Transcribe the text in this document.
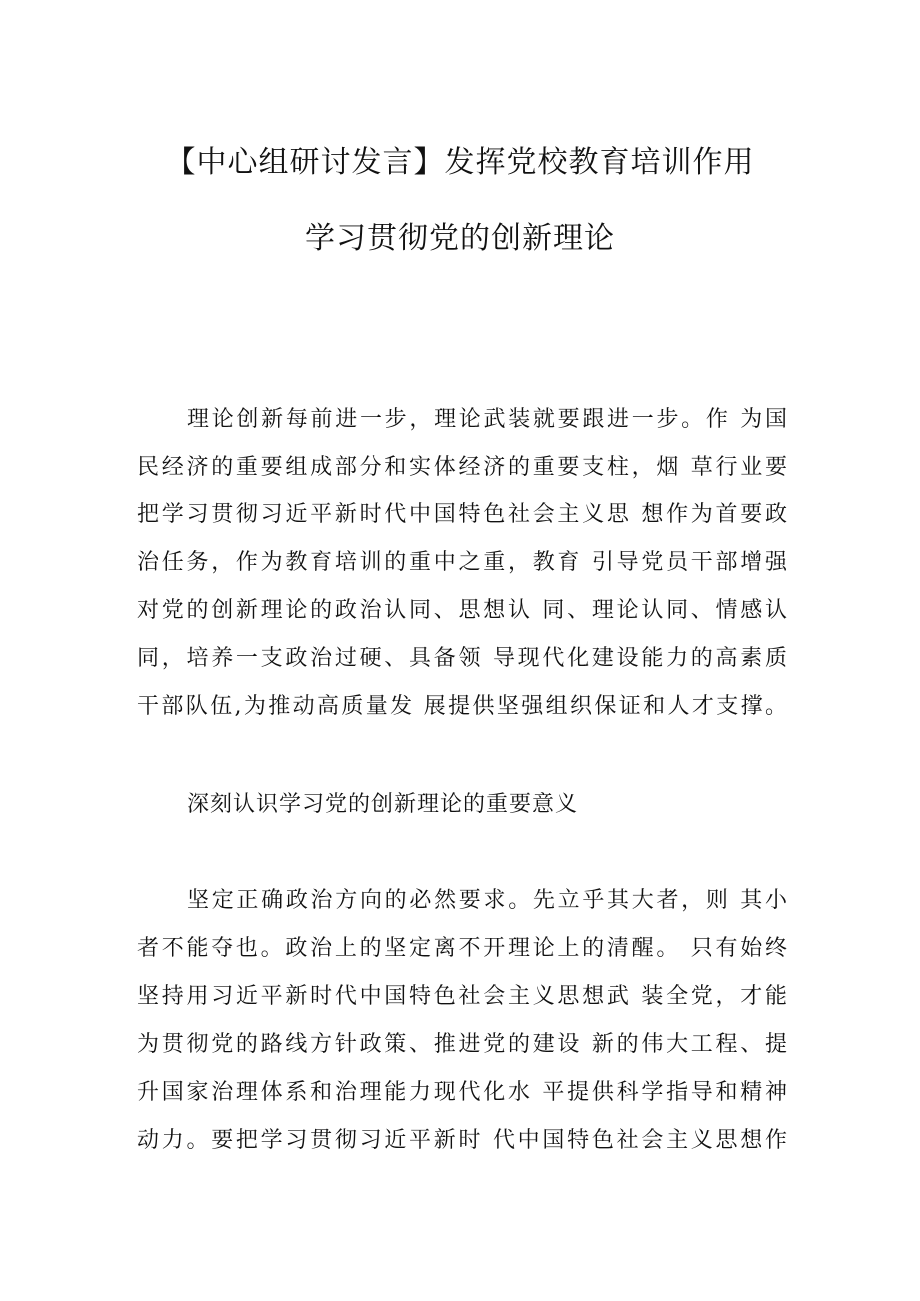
【中心组研讨发言】发挥党校教育培训作用
学习贯彻党的创新理论
理论创新每前进一步，理论武装就要跟进一步。作 为国
民经济的重要组成部分和实体经济的重要支柱，烟 草行业要
把学习贯彻习近平新时代中国特色社会主义思 想作为首要政
治任务，作为教育培训的重中之重，教育 引导党员干部增强
对党的创新理论的政治认同、思想认 同、理论认同、情感认
同，培养一支政治过硬、具备领 导现代化建设能力的高素质
干部队伍,为推动高质量发 展提供坚强组织保证和人才支撑。
深刻认识学习党的创新理论的重要意义
坚定正确政治方向的必然要求。先立乎其大者，则 其小
者不能夺也。政治上的坚定离不开理论上的清醒。 只有始终
坚持用习近平新时代中国特色社会主义思想武 装全党，才能
为贯彻党的路线方针政策、推进党的建设 新的伟大工程、提
升国家治理体系和治理能力现代化水 平提供科学指导和精神
动力。要把学习贯彻习近平新时 代中国特色社会主义思想作
